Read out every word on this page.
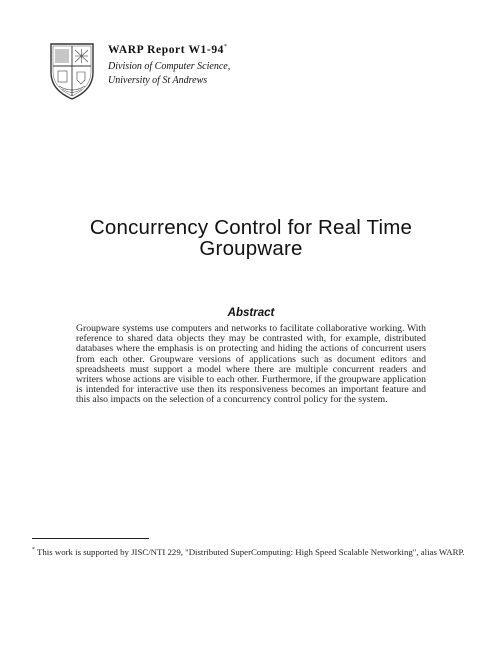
WARP Report W1-94*
Division of Computer Science,
University of St Andrews
Concurrency Control for Real Time
Groupware
Abstract
Groupware systems use computers and networks to facilitate collaborative working. With reference to shared data objects they may be contrasted with, for example, distributed databases where the emphasis is on protecting and hiding the actions of concurrent users from each other. Groupware versions of applications such as document editors and spreadsheets must support a model where there are multiple concurrent readers and writers whose actions are visible to each other. Furthermore, if the groupware application is intended for interactive use then its responsiveness becomes an important feature and this also impacts on the selection of a concurrency control policy for the system.
* This work is supported by JISC/NTI 229, "Distributed SuperComputing: High Speed Scalable Networking", alias WARP.
